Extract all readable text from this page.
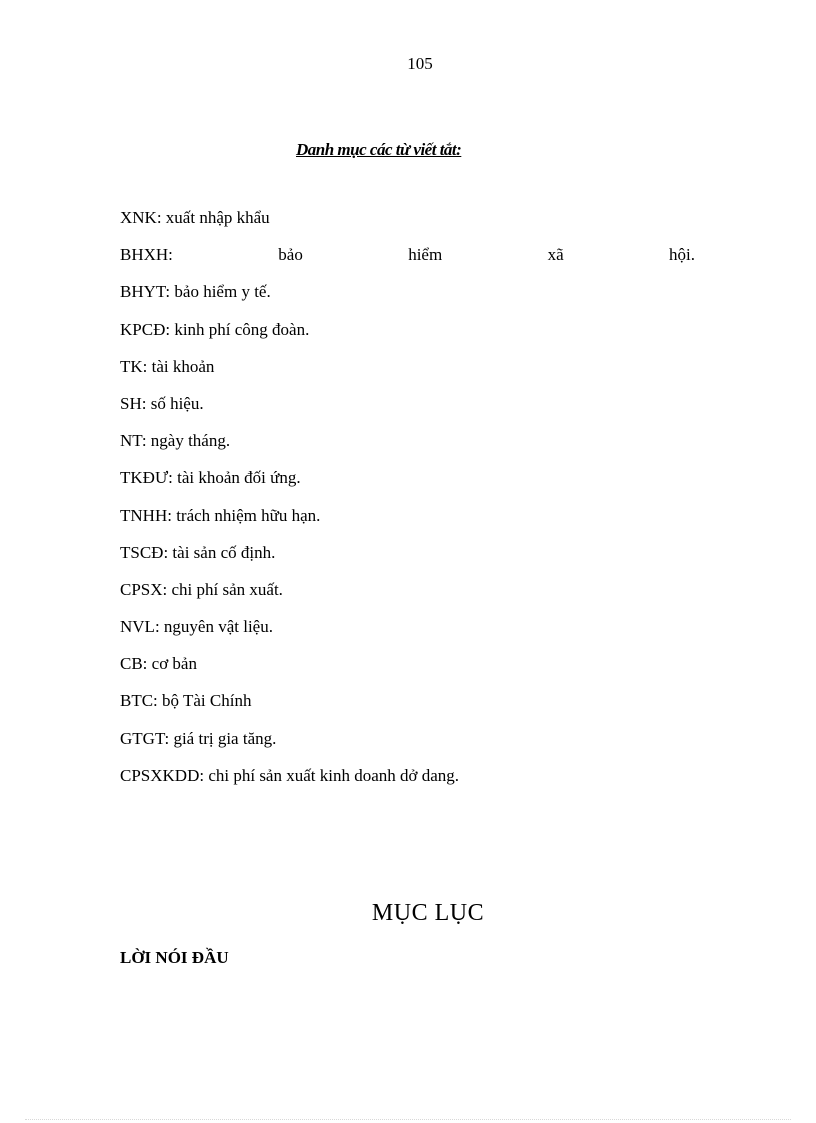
105
Danh mục các từ viết tắt:
XNK: xuất nhập khẩu
BHXH:	bảo	hiểm	xã	hội.
BHYT: bảo hiểm y tế.
KPCĐ: kinh phí công đoàn.
TK: tài khoản
SH: số hiệu.
NT: ngày tháng.
TKĐƯ: tài khoản đối ứng.
TNHH: trách nhiệm hữu hạn.
TSCĐ: tài sản cố định.
CPSX: chi phí sản xuất.
NVL: nguyên vật liệu.
CB: cơ bản
BTC: bộ Tài Chính
GTGT: giá trị gia tăng.
CPSXKDD: chi phí sản xuất kinh doanh dở dang.
MỤC LỤC
LỜI NÓI ĐẦU
